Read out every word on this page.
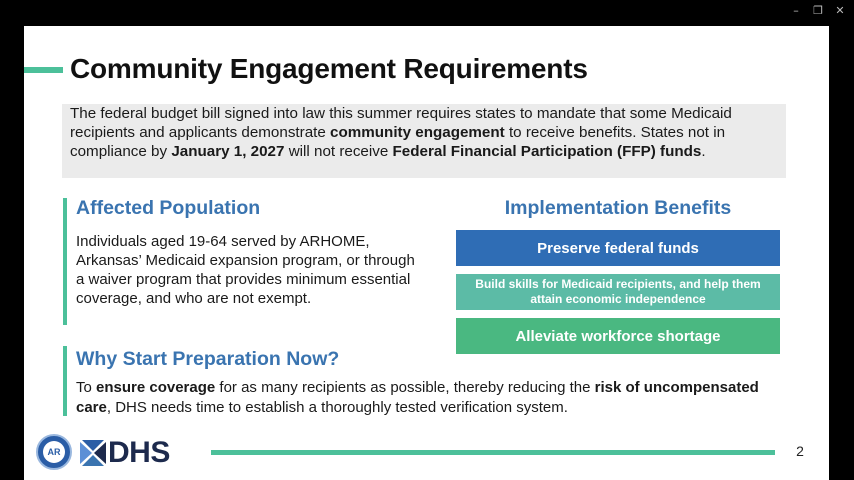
–	❐	✕
Community Engagement Requirements
The federal budget bill signed into law this summer requires states to mandate that some Medicaid recipients and applicants demonstrate community engagement to receive benefits. States not in compliance by January 1, 2027 will not receive Federal Financial Participation (FFP) funds.
Affected Population
Individuals aged 19-64 served by ARHOME, Arkansas’ Medicaid expansion program, or through a waiver program that provides minimum essential coverage, and who are not exempt.
Why Start Preparation Now?
To ensure coverage for as many recipients as possible, thereby reducing the risk of uncompensated care, DHS needs time to establish a thoroughly tested verification system.
Implementation Benefits
Preserve federal funds
Build skills for Medicaid recipients, and help them attain economic independence
Alleviate workforce shortage
AR DHS	2
